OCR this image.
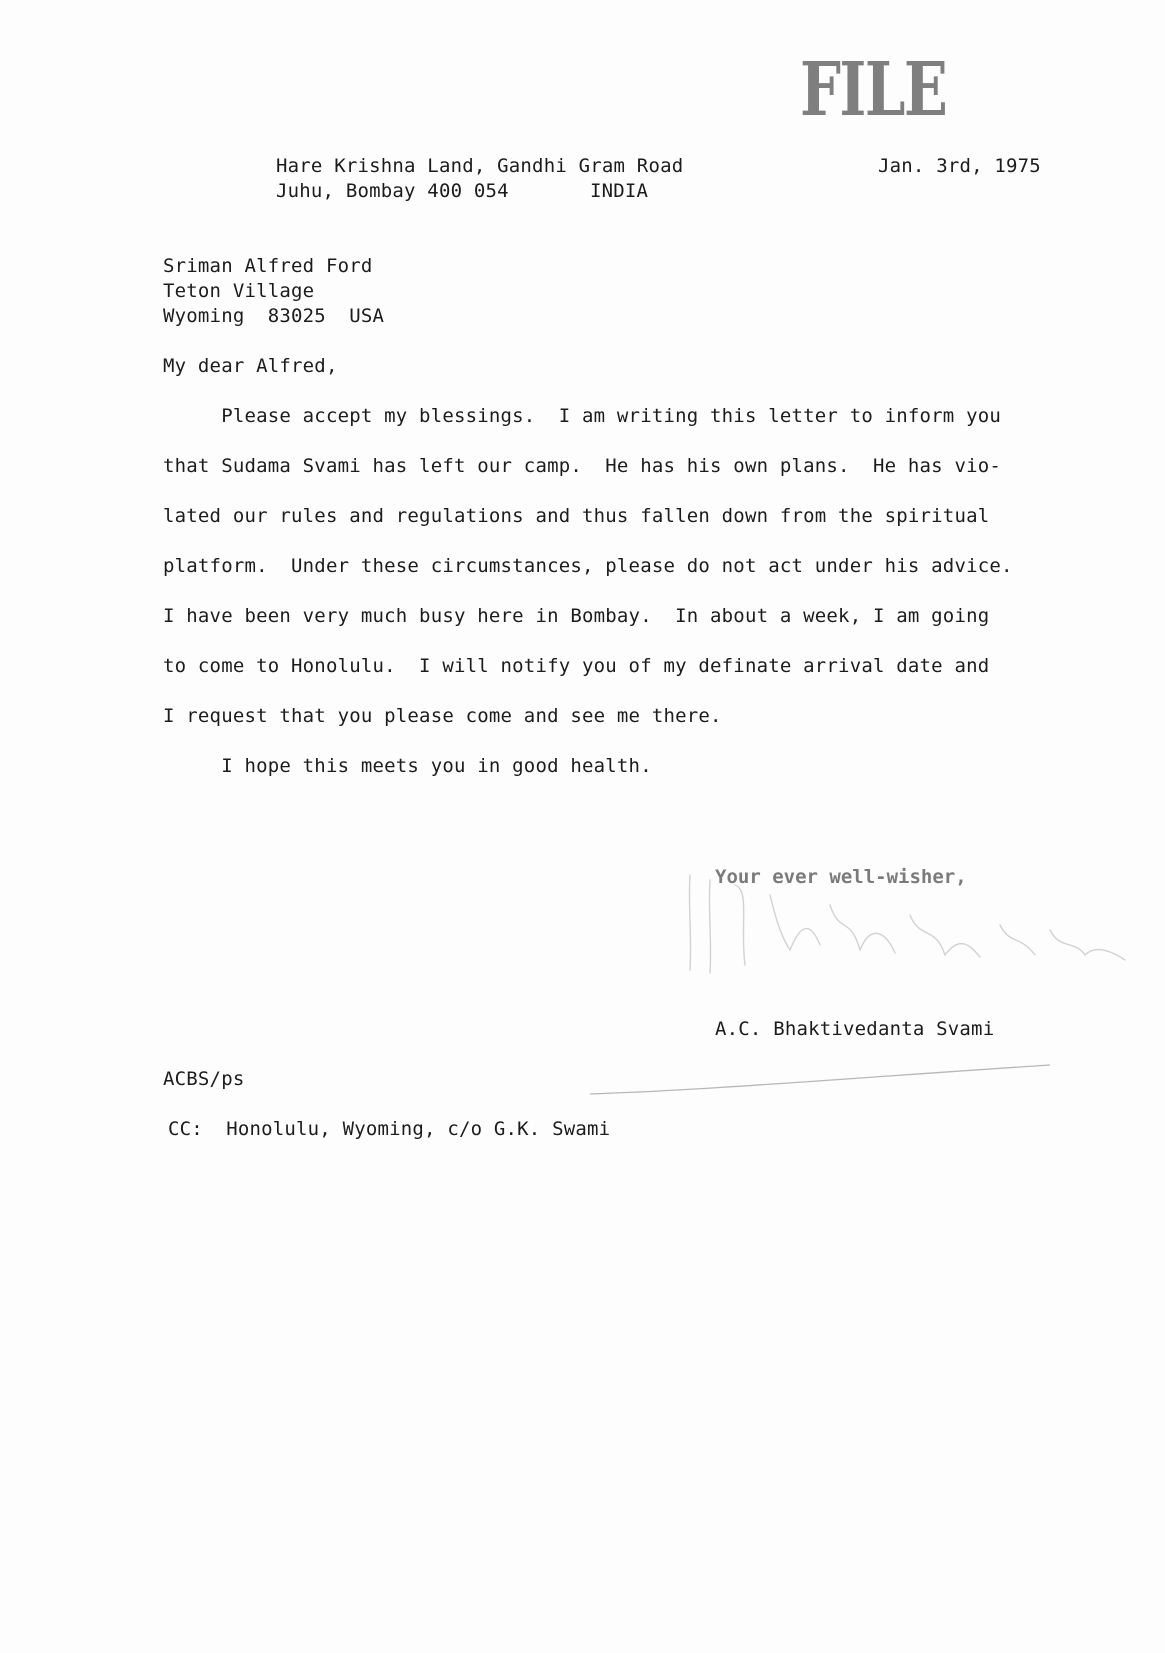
FILE
Hare Krishna Land, Gandhi Gram Road
Juhu, Bombay 400 054	INDIA
Jan. 3rd, 1975
Sriman Alfred Ford
Teton Village
Wyoming  83025  USA
My dear Alfred,
Please accept my blessings.  I am writing this letter to inform you
that Sudama Svami has left our camp.  He has his own plans.  He has vio-
lated our rules and regulations and thus fallen down from the spiritual
platform.  Under these circumstances, please do not act under his advice.
I have been very much busy here in Bombay.  In about a week, I am going
to come to Honolulu.  I will notify you of my definate arrival date and
I request that you please come and see me there.
I hope this meets you in good health.
Your ever well-wisher,
A.C. Bhaktivedanta Svami
ACBS/ps
CC:  Honolulu, Wyoming, c/o G.K. Swami
